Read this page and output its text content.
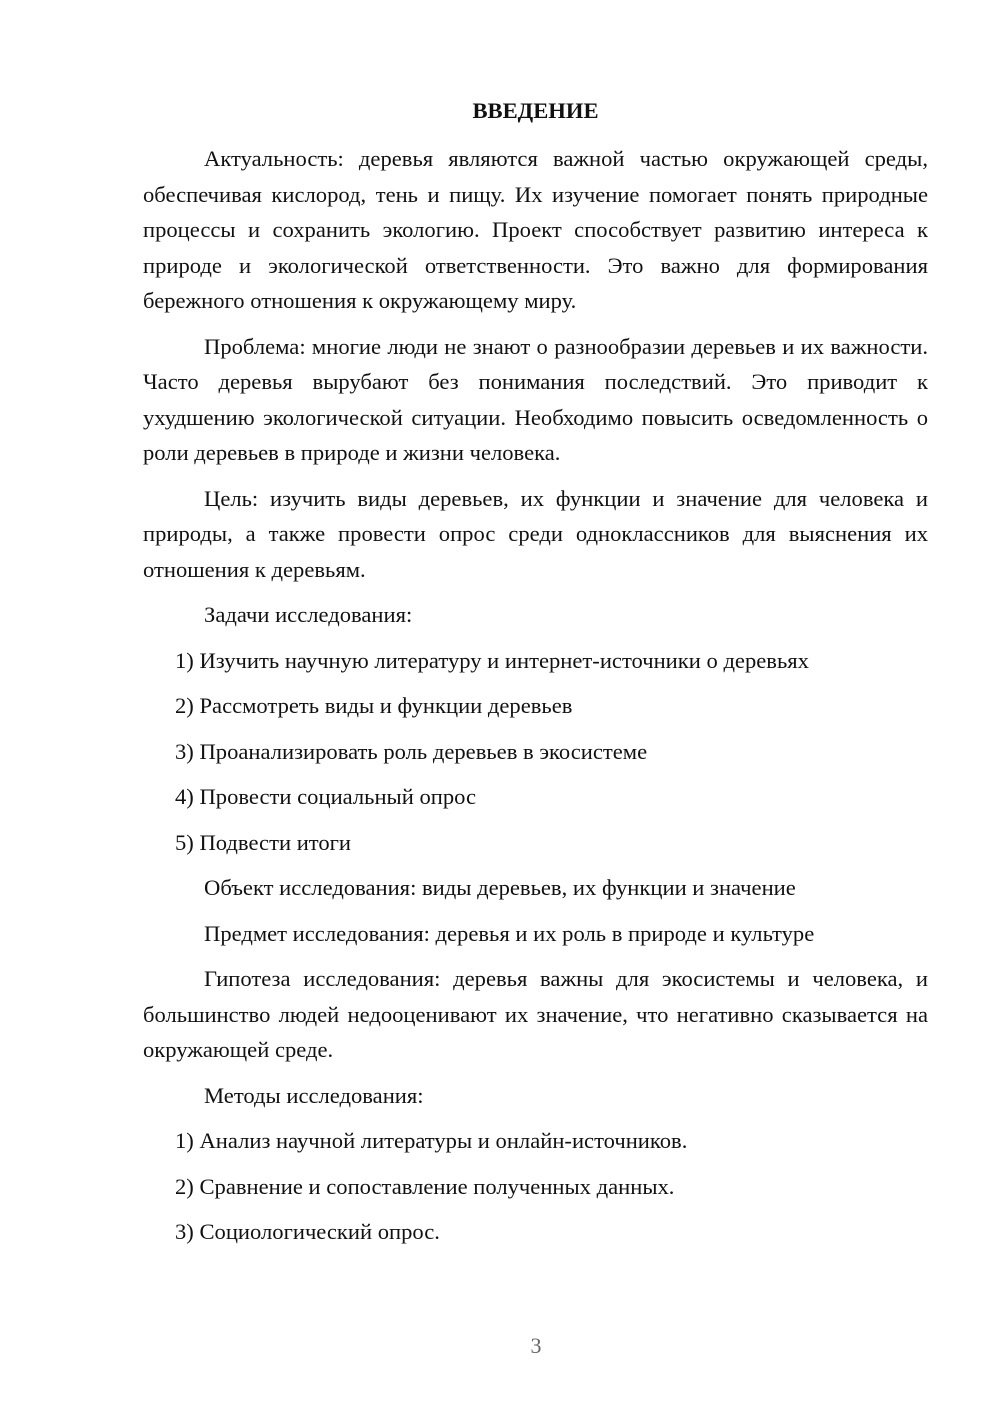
ВВЕДЕНИЕ

Актуальность: деревья являются важной частью окружающей среды, обеспечивая кислород, тень и пищу. Их изучение помогает понять природные процессы и сохранить экологию. Проект способствует развитию интереса к природе и экологической ответственности. Это важно для формирования бережного отношения к окружающему миру.

Проблема: многие люди не знают о разнообразии деревьев и их важности. Часто деревья вырубают без понимания последствий. Это приводит к ухудшению экологической ситуации. Необходимо повысить осведомленность о роли деревьев в природе и жизни человека.

Цель: изучить виды деревьев, их функции и значение для человека и природы, а также провести опрос среди одноклассников для выяснения их отношения к деревьям.

Задачи исследования:

1) Изучить научную литературу и интернет-источники о деревьях
2) Рассмотреть виды и функции деревьев
3) Проанализировать роль деревьев в экосистеме
4) Провести социальный опрос
5) Подвести итоги

Объект исследования: виды деревьев, их функции и значение

Предмет исследования: деревья и их роль в природе и культуре

Гипотеза исследования: деревья важны для экосистемы и человека, и большинство людей недооценивают их значение, что негативно сказывается на окружающей среде.

Методы исследования:

1) Анализ научной литературы и онлайн-источников.
2) Сравнение и сопоставление полученных данных.
3) Социологический опрос.
3
